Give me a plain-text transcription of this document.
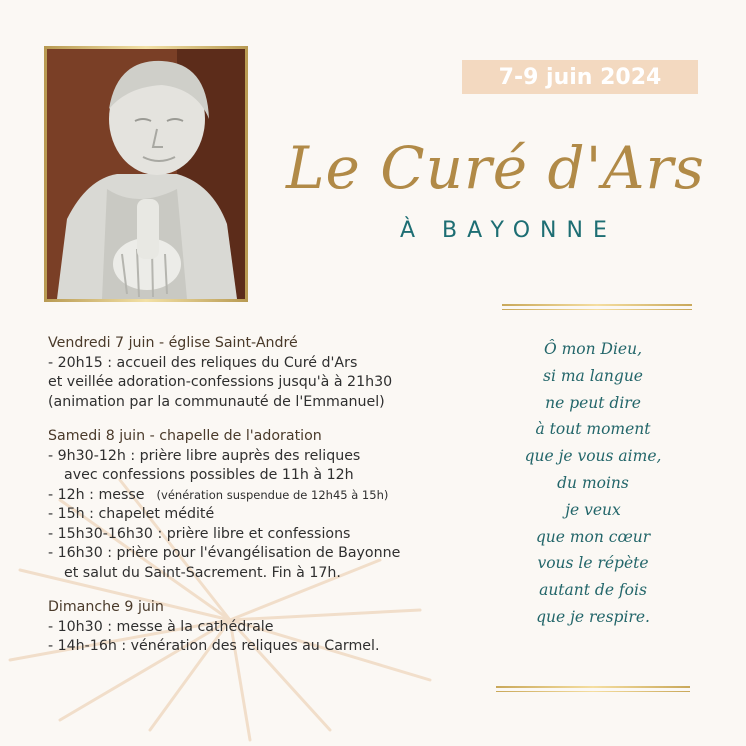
7-9 juin 2024
Le Curé d'Ars
À BAYONNE
Vendredi 7 juin - église Saint-André
- 20h15 : accueil des reliques du Curé d'Ars
et veillée adoration-confessions jusqu'à à 21h30
(animation par la communauté de l'Emmanuel)
Samedi 8 juin - chapelle de l'adoration
- 9h30-12h : prière libre auprès des reliques
avec confessions possibles de 11h à 12h
- 12h : messe (vénération suspendue de 12h45 à 15h)
- 15h : chapelet médité
- 15h30-16h30 : prière libre et confessions
- 16h30 : prière pour l'évangélisation de Bayonne
et salut du Saint-Sacrement. Fin à 17h.
Dimanche 9 juin
- 10h30 : messe à la cathédrale
- 14h-16h : vénération des reliques au Carmel.
Ô mon Dieu,
si ma langue
ne peut dire
à tout moment
que je vous aime,
du moins
je veux
que mon cœur
vous le répète
autant de fois
que je respire.
